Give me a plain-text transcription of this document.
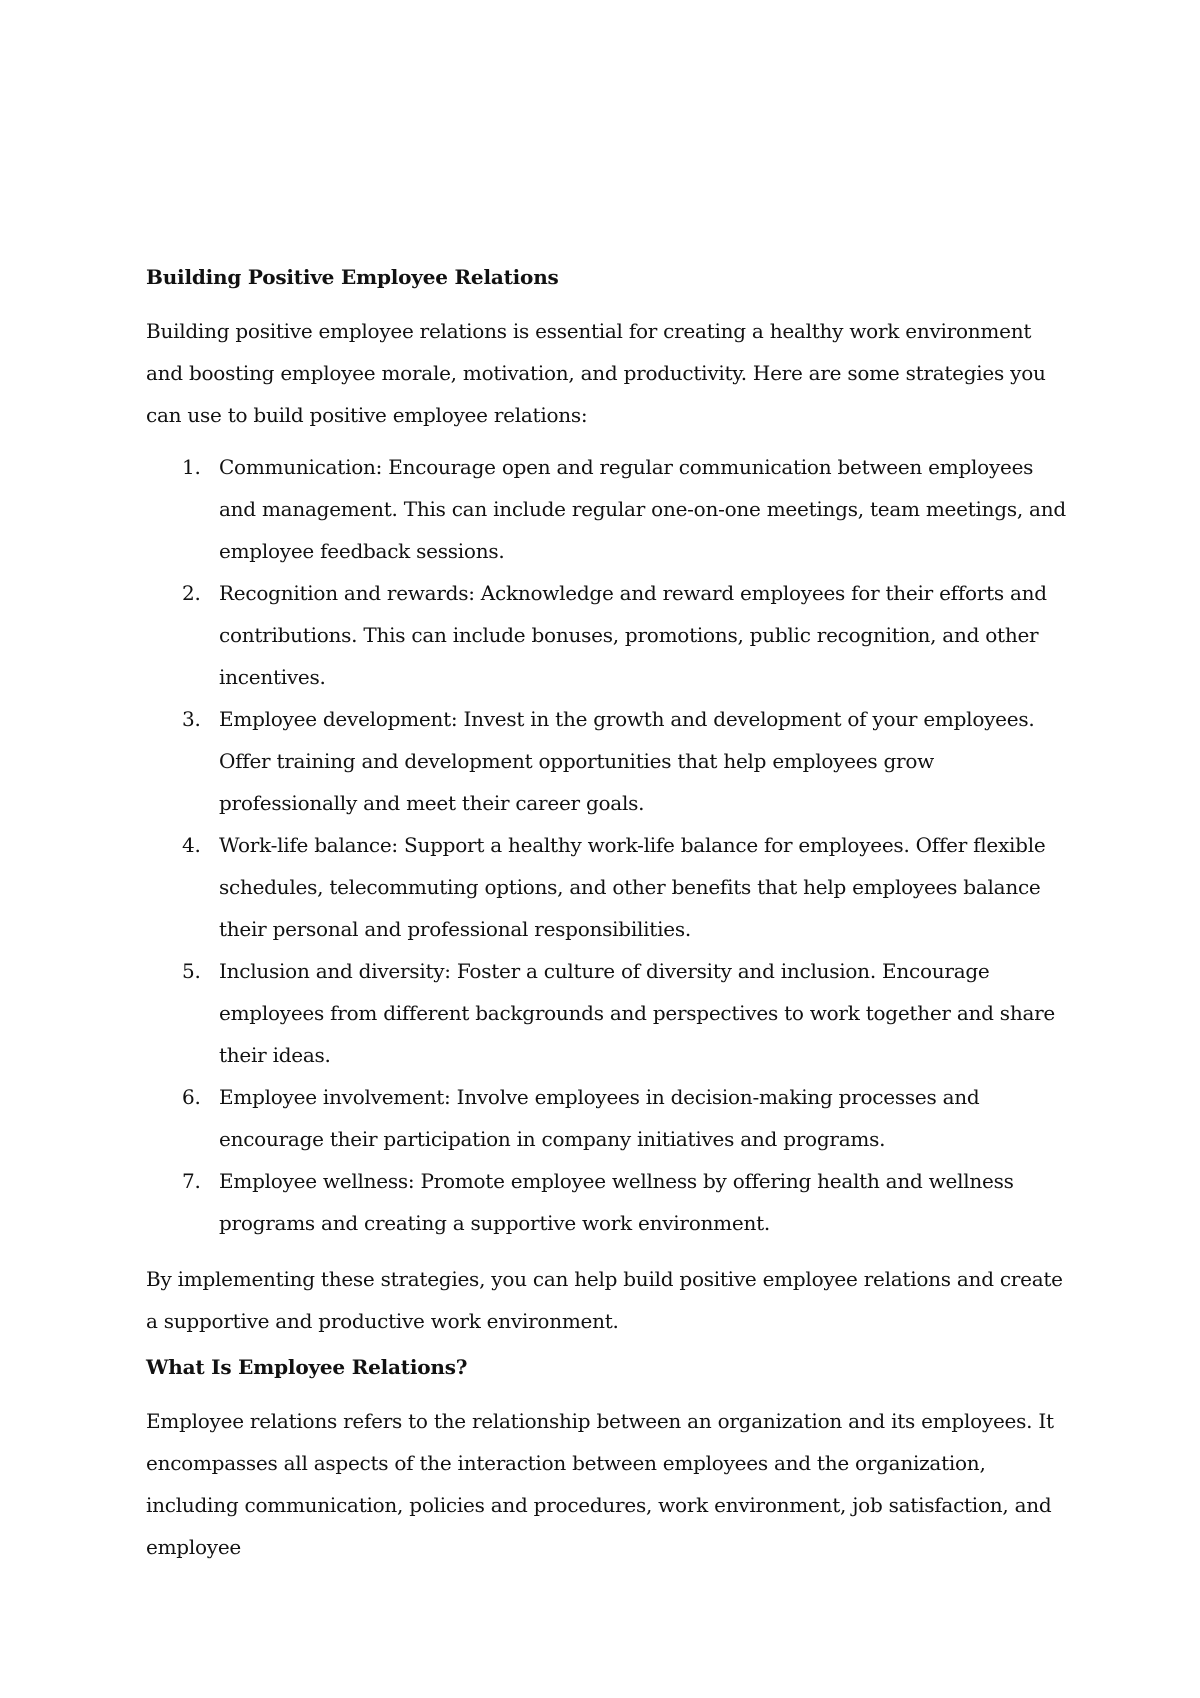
Building Positive Employee Relations

Building positive employee relations is essential for creating a healthy work environment and boosting employee morale, motivation, and productivity. Here are some strategies you can use to build positive employee relations:

1. Communication: Encourage open and regular communication between employees and management. This can include regular one-on-one meetings, team meetings, and employee feedback sessions.
2. Recognition and rewards: Acknowledge and reward employees for their efforts and contributions. This can include bonuses, promotions, public recognition, and other incentives.
3. Employee development: Invest in the growth and development of your employees. Offer training and development opportunities that help employees grow professionally and meet their career goals.
4. Work-life balance: Support a healthy work-life balance for employees. Offer flexible schedules, telecommuting options, and other benefits that help employees balance their personal and professional responsibilities.
5. Inclusion and diversity: Foster a culture of diversity and inclusion. Encourage employees from different backgrounds and perspectives to work together and share their ideas.
6. Employee involvement: Involve employees in decision-making processes and encourage their participation in company initiatives and programs.
7. Employee wellness: Promote employee wellness by offering health and wellness programs and creating a supportive work environment.

By implementing these strategies, you can help build positive employee relations and create a supportive and productive work environment.

What Is Employee Relations?

Employee relations refers to the relationship between an organization and its employees. It encompasses all aspects of the interaction between employees and the organization, including communication, policies and procedures, work environment, job satisfaction, and employee
